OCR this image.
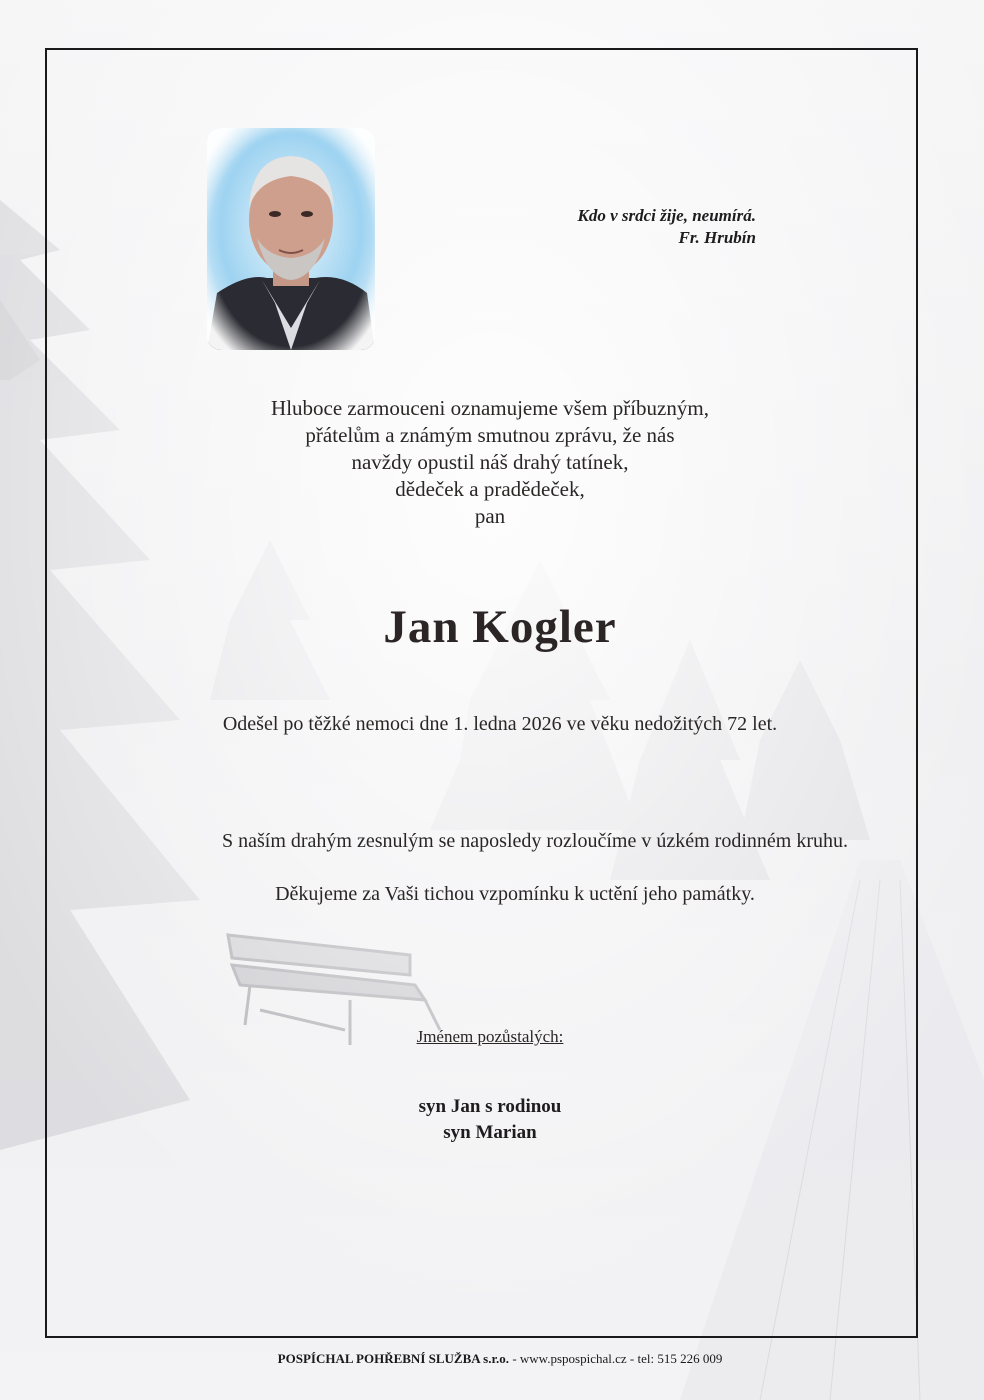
Kdo v srdci žije, neumírá.
Fr. Hrubín
Hluboce zarmouceni oznamujeme všem příbuzným,
přátelům a známým smutnou zprávu, že nás
navždy opustil náš drahý tatínek,
dědeček a pradědeček,
pan
Jan Kogler
Odešel po těžké nemoci dne 1. ledna 2026 ve věku nedožitých 72 let.
S naším drahým zesnulým se naposledy rozloučíme v úzkém rodinném kruhu.
Děkujeme za Vaši tichou vzpomínku k uctění jeho památky.
Jménem pozůstalých:
syn Jan s rodinou
syn Marian
POSPÍCHAL POHŘEBNÍ SLUŽBA s.r.o. - www.pspospichal.cz - tel: 515 226 009
